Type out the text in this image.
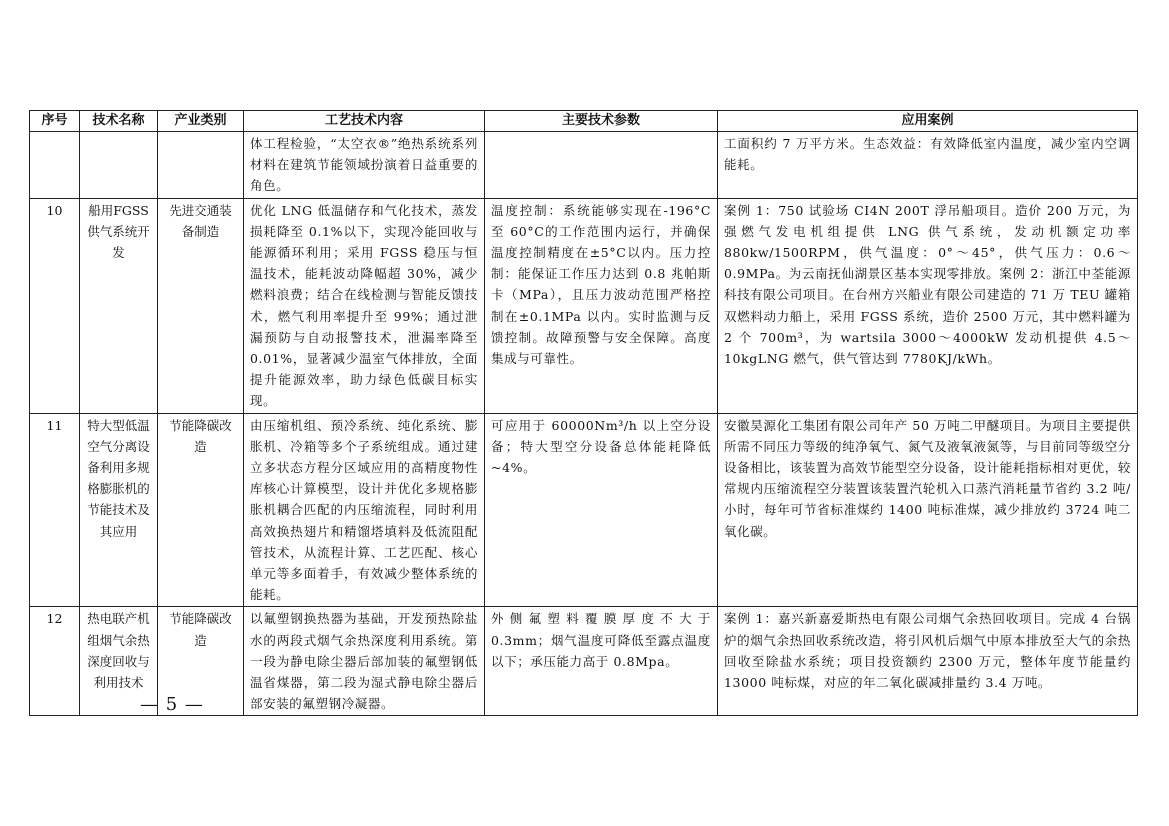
序号	技术名称	产业类别	工艺技术内容	主要技术参数	应用案例
			体工程检验，“太空衣®”绝热系统系列材料在建筑节能领域扮演着日益重要的角色。		工面积约 7 万平方米。生态效益：有效降低室内温度，减少室内空调能耗。
10	船用FGSS 供气系统开发	先进交通装备制造	优化 LNG 低温储存和气化技术，蒸发损耗降至 0.1%以下，实现冷能回收与能源循环利用；采用 FGSS 稳压与恒温技术，能耗波动降幅超 30%，减少燃料浪费；结合在线检测与智能反馈技术，燃气利用率提升至 99%；通过泄漏预防与自动报警技术，泄漏率降至 0.01%，显著减少温室气体排放，全面提升能源效率，助力绿色低碳目标实现。	温度控制：系统能够实现在-196°C 至 60°C的工作范围内运行，并确保温度控制精度在±5°C以内。压力控制：能保证工作压力达到 0.8 兆帕斯卡（MPa），且压力波动范围严格控制在±0.1MPa 以内。实时监测与反馈控制。故障预警与安全保障。高度集成与可靠性。	案例 1：750 试验场 CI4N 200T 浮吊船项目。造价 200 万元，为强燃气发电机组提供 LNG 供气系统，发动机额定功率 880kw/1500RPM，供气温度：0°～45°，供气压力：0.6～0.9MPa。为云南抚仙湖景区基本实现零排放。案例 2：浙江中荃能源科技有限公司项目。在台州方兴船业有限公司建造的 71 万 TEU 罐箱双燃料动力船上，采用 FGSS 系统，造价 2500 万元，其中燃料罐为 2 个 700m³，为 wartsila 3000～4000kW 发动机提供 4.5～10kgLNG 燃气，供气管达到 7780KJ/kWh。
11	特大型低温空气分离设备利用多规格膨胀机的节能技术及其应用	节能降碳改造	由压缩机组、预冷系统、纯化系统、膨胀机、冷箱等多个子系统组成。通过建立多状态方程分区域应用的高精度物性库核心计算模型，设计并优化多规格膨胀机耦合匹配的内压缩流程，同时利用高效换热翅片和精馏塔填料及低流阻配管技术，从流程计算、工艺匹配、核心单元等多面着手，有效减少整体系统的能耗。	可应用于 60000Nm³/h 以上空分设备；特大型空分设备总体能耗降低~4%。	安徽昊源化工集团有限公司年产 50 万吨二甲醚项目。为项目主要提供所需不同压力等级的纯净氧气、氮气及液氧液氮等，与目前同等级空分设备相比，该装置为高效节能型空分设备，设计能耗指标相对更优，较常规内压缩流程空分装置该装置汽轮机入口蒸汽消耗量节省约 3.2 吨/小时，每年可节省标准煤约 1400 吨标准煤，减少排放约 3724 吨二氧化碳。
12	热电联产机组烟气余热深度回收与利用技术	节能降碳改造	以氟塑钢换热器为基础，开发预热除盐水的两段式烟气余热深度利用系统。第一段为静电除尘器后部加装的氟塑钢低温省煤器，第二段为湿式静电除尘器后部安装的氟塑钢冷凝器。	外侧氟塑料覆膜厚度不大于 0.3mm；烟气温度可降低至露点温度以下；承压能力高于 0.8Mpa。	案例 1：嘉兴新嘉爱斯热电有限公司烟气余热回收项目。完成 4 台锅炉的烟气余热回收系统改造，将引风机后烟气中原本排放至大气的余热回收至除盐水系统；项目投资额约 2300 万元，整体年度节能量约 13000 吨标煤，对应的年二氧化碳减排量约 3.4 万吨。
— 5 —
